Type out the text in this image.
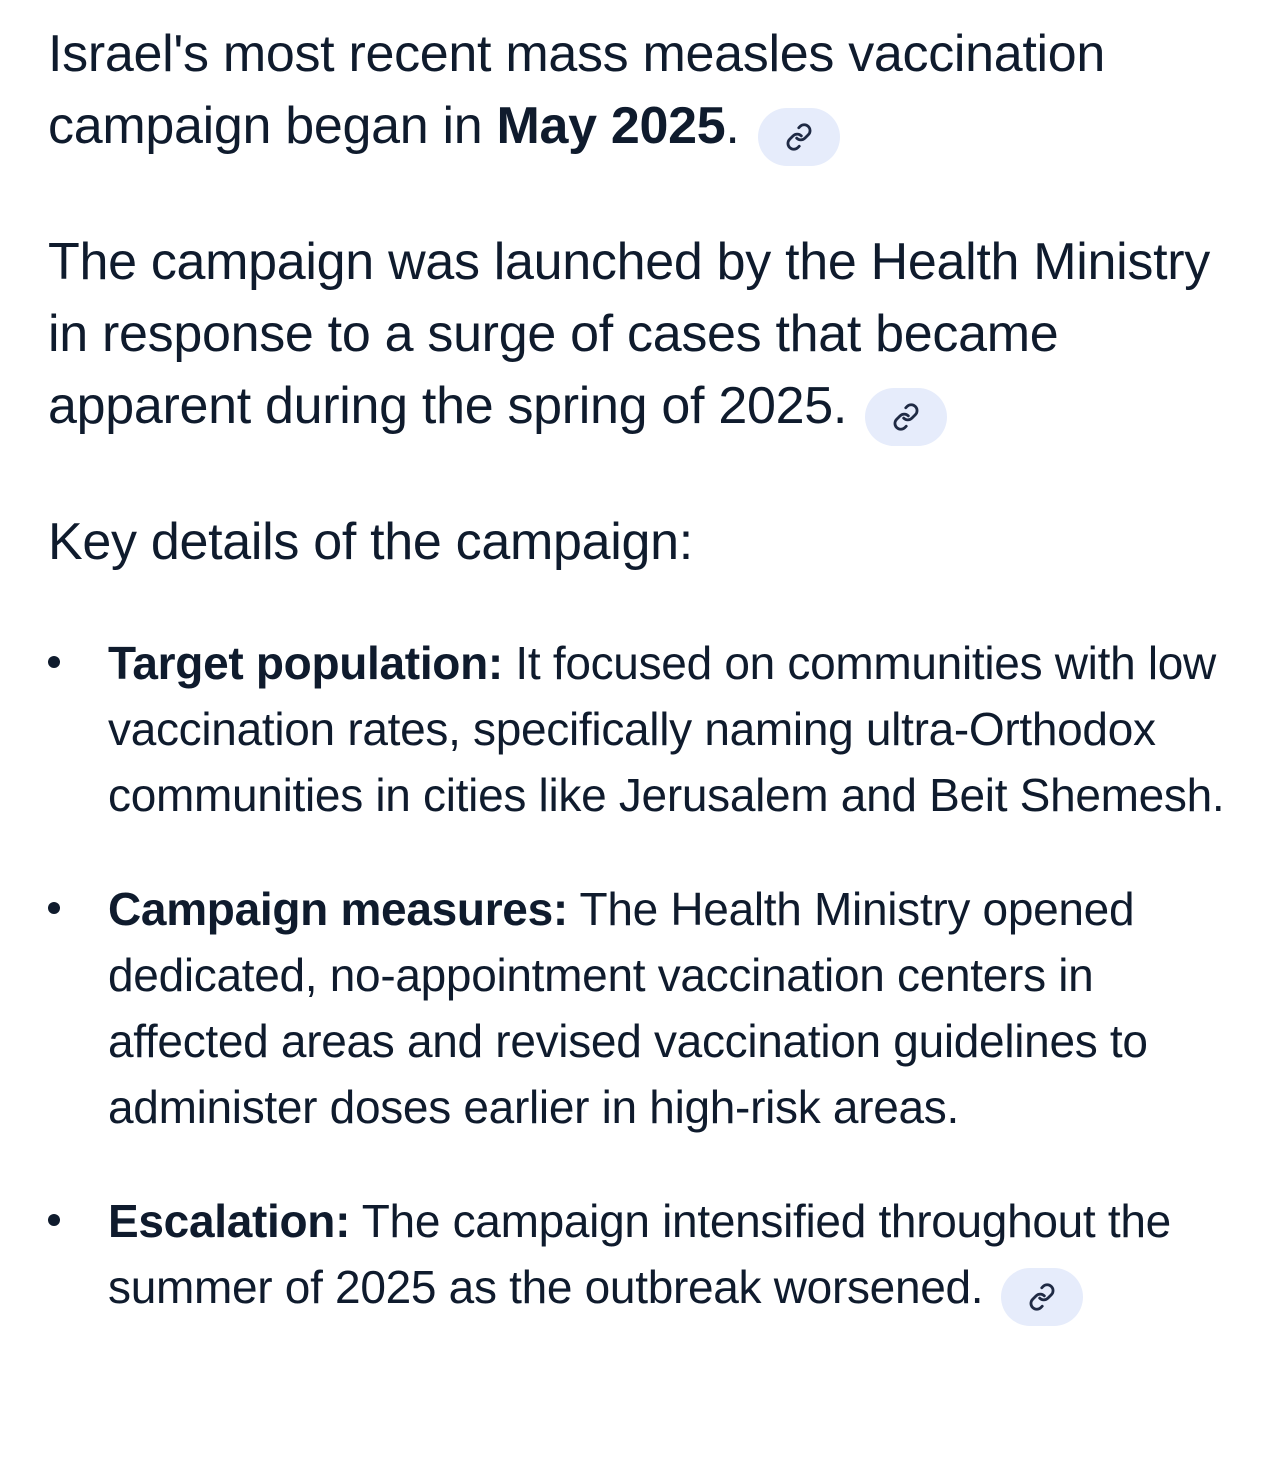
Israel's most recent mass measles vaccination campaign began in May 2025.

The campaign was launched by the Health Ministry in response to a surge of cases that became apparent during the spring of 2025.

Key details of the campaign:

Target population: It focused on communities with low vaccination rates, specifically naming ultra-Orthodox communities in cities like Jerusalem and Beit Shemesh.
Campaign measures: The Health Ministry opened dedicated, no-appointment vaccination centers in affected areas and revised vaccination guidelines to administer doses earlier in high-risk areas.
Escalation: The campaign intensified throughout the summer of 2025 as the outbreak worsened.
